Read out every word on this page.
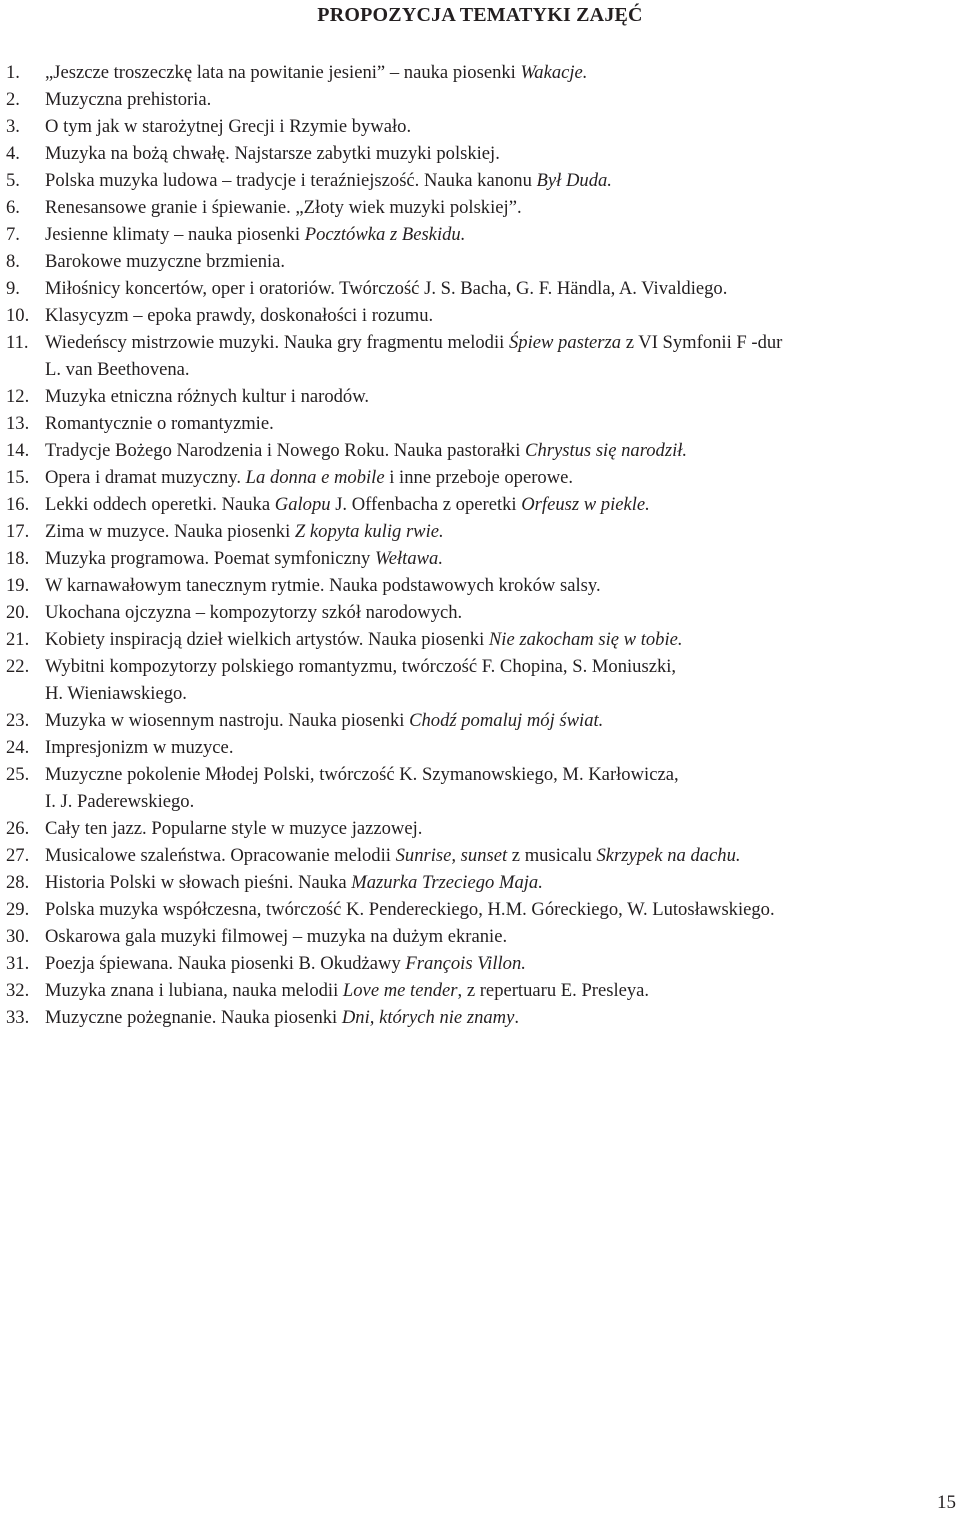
PROPOZYCJA TEMATYKI ZAJĘĆ
1. „Jeszcze troszeczkę lata na powitanie jesieni” – nauka piosenki Wakacje.
2. Muzyczna prehistoria.
3. O tym jak w starożytnej Grecji i Rzymie bywało.
4. Muzyka na bożą chwałę. Najstarsze zabytki muzyki polskiej.
5. Polska muzyka ludowa – tradycje i teraźniejszość. Nauka kanonu Był Duda.
6. Renesansowe granie i śpiewanie. „Złoty wiek muzyki polskiej”.
7. Jesienne klimaty – nauka piosenki Pocztówka z Beskidu.
8. Barokowe muzyczne brzmienia.
9. Miłośnicy koncertów, oper i oratoriów. Twórczość J. S. Bacha, G. F. Händla, A. Vivaldiego.
10. Klasycyzm – epoka prawdy, doskonałości i rozumu.
11. Wiedeńscy mistrzowie muzyki. Nauka gry fragmentu melodii Śpiew pasterza z VI Symfonii F -dur
L. van Beethovena.
12. Muzyka etniczna różnych kultur i narodów.
13. Romantycznie o romantyzmie.
14. Tradycje Bożego Narodzenia i Nowego Roku. Nauka pastorałki Chrystus się narodził.
15. Opera i dramat muzyczny. La donna e mobile i inne przeboje operowe.
16. Lekki oddech operetki. Nauka Galopu J. Offenbacha z operetki Orfeusz w piekle.
17. Zima w muzyce. Nauka piosenki Z kopyta kulig rwie.
18. Muzyka programowa. Poemat symfoniczny Wełtawa.
19. W karnawałowym tanecznym rytmie. Nauka podstawowych kroków salsy.
20. Ukochana ojczyzna – kompozytorzy szkół narodowych.
21. Kobiety inspiracją dzieł wielkich artystów. Nauka piosenki Nie zakocham się w tobie.
22. Wybitni kompozytorzy polskiego romantyzmu, twórczość F. Chopina, S. Moniuszki,
H. Wieniawskiego.
23. Muzyka w wiosennym nastroju. Nauka piosenki Chodź pomaluj mój świat.
24. Impresjonizm w muzyce.
25. Muzyczne pokolenie Młodej Polski, twórczość K. Szymanowskiego, M. Karłowicza,
I. J. Paderewskiego.
26. Cały ten jazz. Popularne style w muzyce jazzowej.
27. Musicalowe szaleństwa. Opracowanie melodii Sunrise, sunset z musicalu Skrzypek na dachu.
28. Historia Polski w słowach pieśni. Nauka Mazurka Trzeciego Maja.
29. Polska muzyka współczesna, twórczość K. Pendereckiego, H.M. Góreckiego, W. Lutosławskiego.
30. Oskarowa gala muzyki filmowej – muzyka na dużym ekranie.
31. Poezja śpiewana. Nauka piosenki B. Okudżawy François Villon.
32. Muzyka znana i lubiana, nauka melodii Love me tender, z repertuaru E. Presleya.
33. Muzyczne pożegnanie. Nauka piosenki Dni, których nie znamy.
15
